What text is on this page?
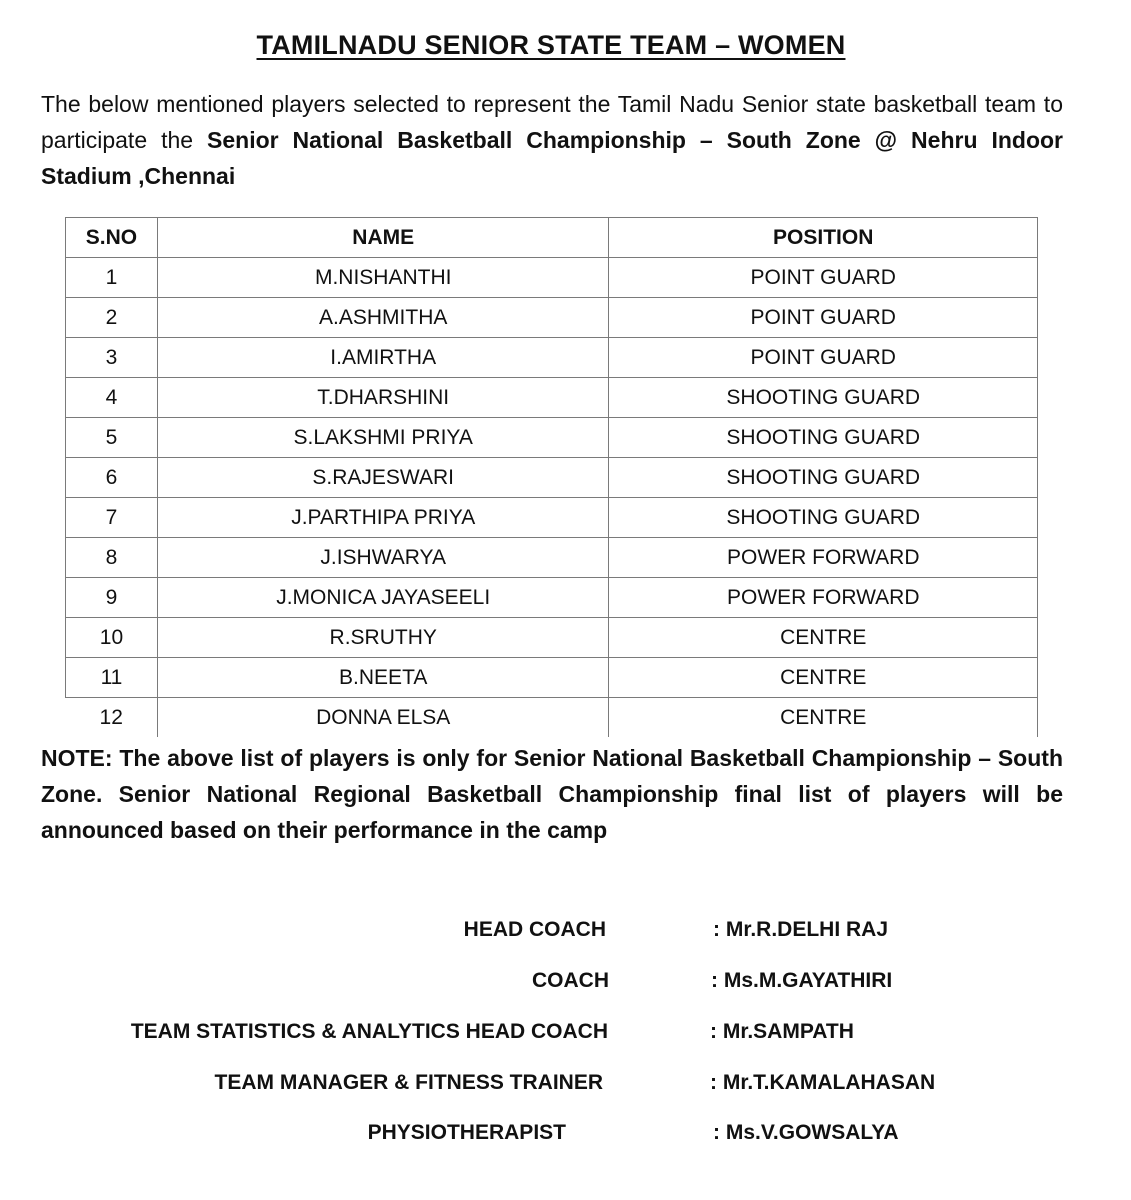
TAMILNADU SENIOR STATE TEAM – WOMEN

The below mentioned players selected to represent the Tamil Nadu Senior state basketball team to participate the Senior National Basketball Championship – South Zone @ Nehru Indoor Stadium ,Chennai

S.NO	NAME	POSITION
1	M.NISHANTHI	POINT GUARD
2	A.ASHMITHA	POINT GUARD
3	I.AMIRTHA	POINT GUARD
4	T.DHARSHINI	SHOOTING GUARD
5	S.LAKSHMI PRIYA	SHOOTING GUARD
6	S.RAJESWARI	SHOOTING GUARD
7	J.PARTHIPA PRIYA	SHOOTING GUARD
8	J.ISHWARYA	POWER FORWARD
9	J.MONICA JAYASEELI	POWER FORWARD
10	R.SRUTHY	CENTRE
11	B.NEETA	CENTRE
12	DONNA ELSA	CENTRE

NOTE: The above list of players is only for Senior National Basketball Championship – South Zone. Senior National Regional Basketball Championship final list of players will be announced based on their performance in the camp

HEAD COACH	: Mr.R.DELHI RAJ
COACH	: Ms.M.GAYATHIRI
TEAM STATISTICS & ANALYTICS HEAD COACH	: Mr.SAMPATH
TEAM MANAGER & FITNESS TRAINER	: Mr.T.KAMALAHASAN
PHYSIOTHERAPIST	: Ms.V.GOWSALYA
